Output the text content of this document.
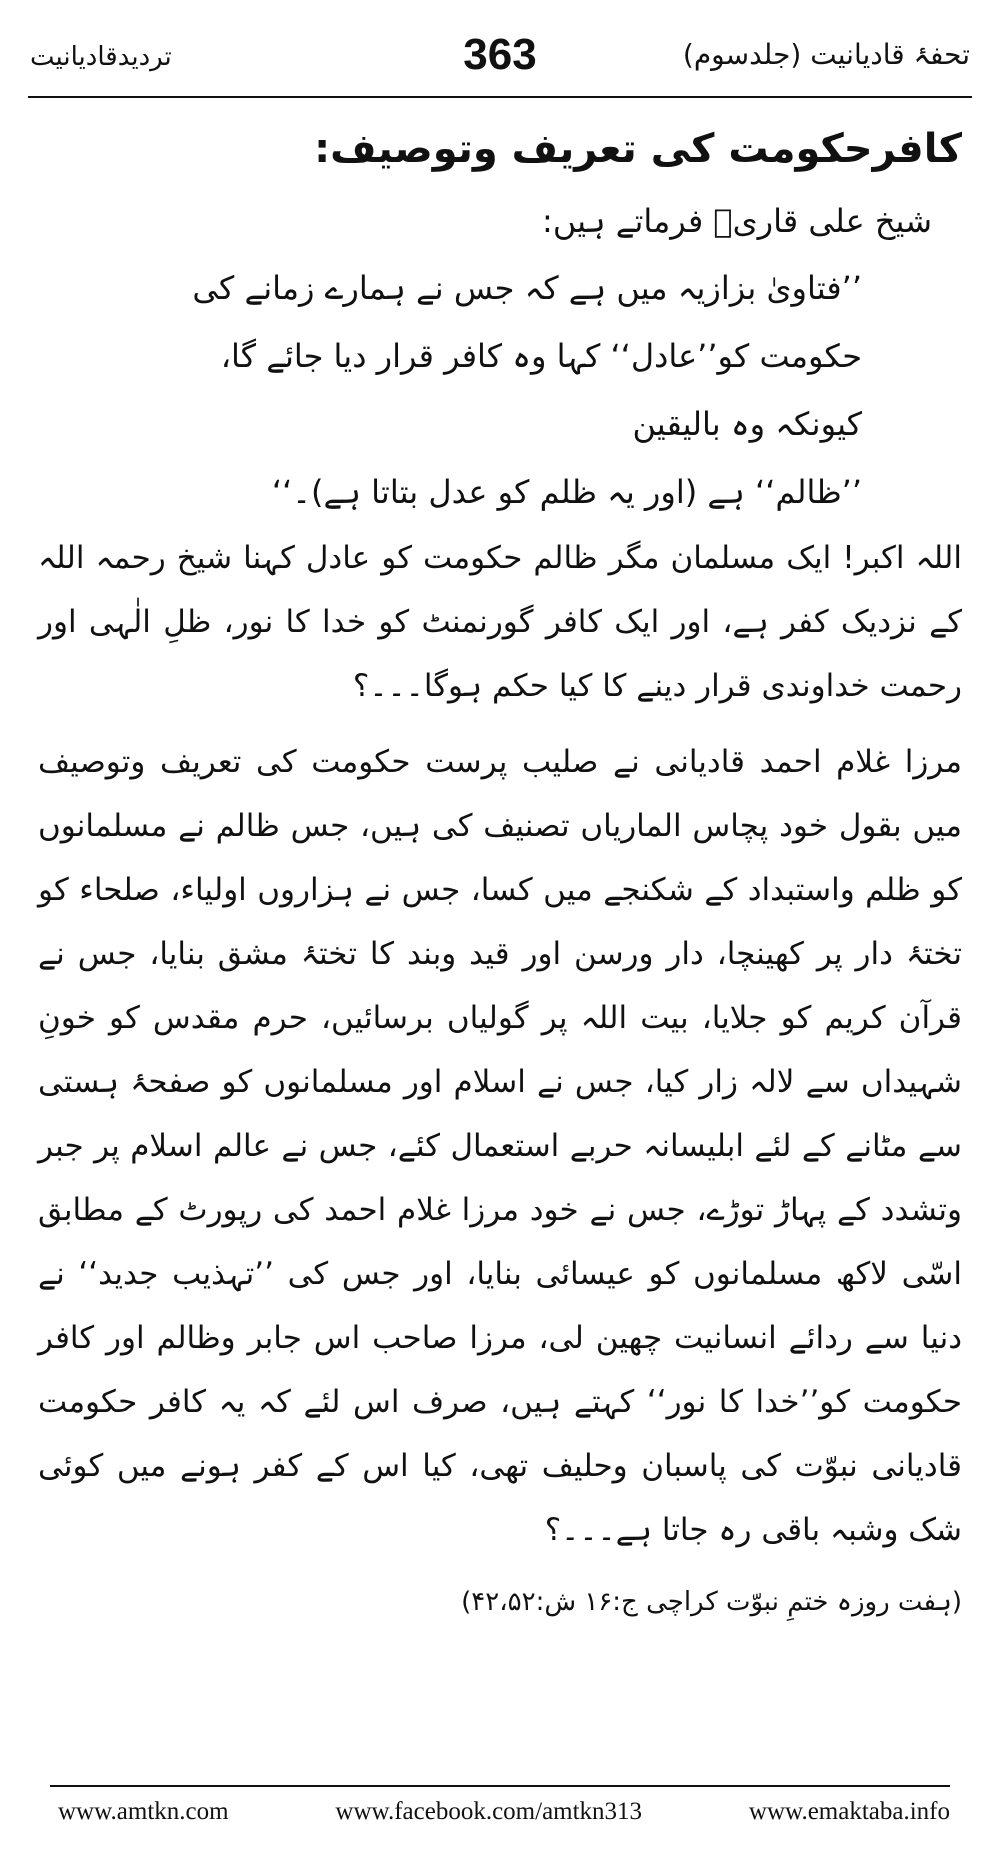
تحفۂ قادیانیت (جلدسوم)
363
تردیدقادیانیت
کافرحکومت کی تعریف وتوصیف:

شیخ علی قاریؒ فرماتے ہیں:

’’فتاویٰ بزازیہ میں ہے کہ جس نے ہمارے زمانے کی
حکومت کو’’عادل‘‘ کہا وہ کافر قرار دیا جائے گا، کیونکہ وہ بالیقین
’’ظالم‘‘ ہے (اور یہ ظلم کو عدل بتاتا ہے)۔‘‘

اللہ اکبر! ایک مسلمان مگر ظالم حکومت کو عادل کہنا شیخ رحمہ اللہ کے نزدیک کفر ہے، اور ایک کافر گورنمنٹ کو خدا کا نور، ظلِ الٰہی اور رحمت خداوندی قرار دینے کا کیا حکم ہوگا۔۔۔؟

مرزا غلام احمد قادیانی نے صلیب پرست حکومت کی تعریف وتوصیف میں بقول خود پچاس الماریاں تصنیف کی ہیں، جس ظالم نے مسلمانوں کو ظلم واستبداد کے شکنجے میں کسا، جس نے ہزاروں اولیاء، صلحاء کو تختۂ دار پر کھینچا، دار ورسن اور قید وبند کا تختۂ مشق بنایا، جس نے قرآن کریم کو جلایا، بیت اللہ پر گولیاں برسائیں، حرم مقدس کو خونِ شہیداں سے لالہ زار کیا، جس نے اسلام اور مسلمانوں کو صفحۂ ہستی سے مٹانے کے لئے ابلیسانہ حربے استعمال کئے، جس نے عالم اسلام پر جبر وتشدد کے پہاڑ توڑے، جس نے خود مرزا غلام احمد کی رپورٹ کے مطابق اسّی لاکھ مسلمانوں کو عیسائی بنایا، اور جس کی ’’تہذیب جدید‘‘ نے دنیا سے ردائے انسانیت چھین لی، مرزا صاحب اس جابر وظالم اور کافر حکومت کو’’خدا کا نور‘‘ کہتے ہیں، صرف اس لئے کہ یہ کافر حکومت قادیانی نبوّت کی پاسبان وحلیف تھی، کیا اس کے کفر ہونے میں کوئی شک وشبہ باقی رہ جاتا ہے۔۔۔؟

(ہفت روزہ ختمِ نبوّت کراچی ج:۱۶ ش:۴۲،۵۲)

www.amtkn.com	www.facebook.com/amtkn313	www.emaktaba.info
